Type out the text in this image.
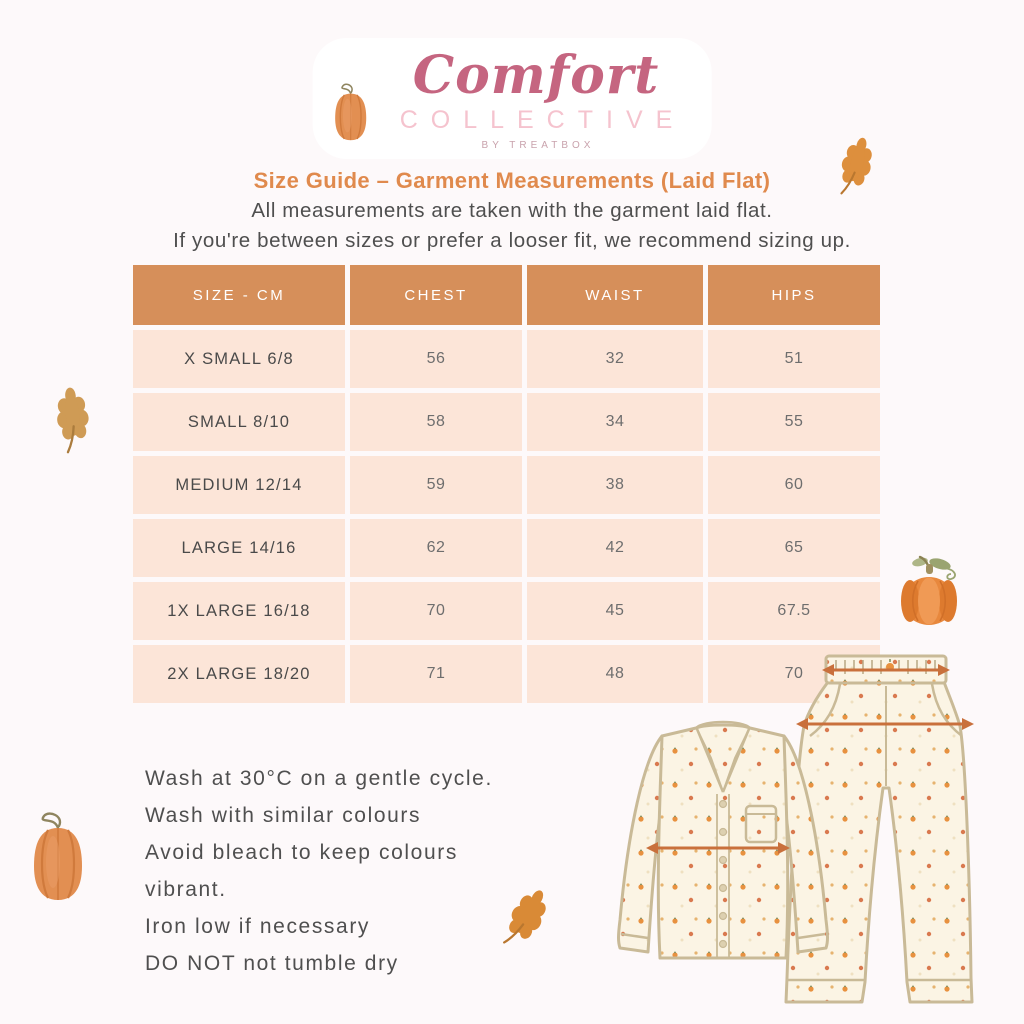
Comfort
COLLECTIVE
BY TREATBOX
Size Guide – Garment Measurements (Laid Flat)
All measurements are taken with the garment laid flat.
If you're between sizes or prefer a looser fit, we recommend sizing up.
SIZE - CM	CHEST	WAIST	HIPS
X SMALL 6/8	56	32	51
SMALL 8/10	58	34	55
MEDIUM 12/14	59	38	60
LARGE 14/16	62	42	65
1X LARGE 16/18	70	45	67.5
2X LARGE 18/20	71	48	70
Wash at 30°C on a gentle cycle.
Wash with similar colours
Avoid bleach to keep colours
vibrant.
Iron low if necessary
DO NOT not tumble dry
